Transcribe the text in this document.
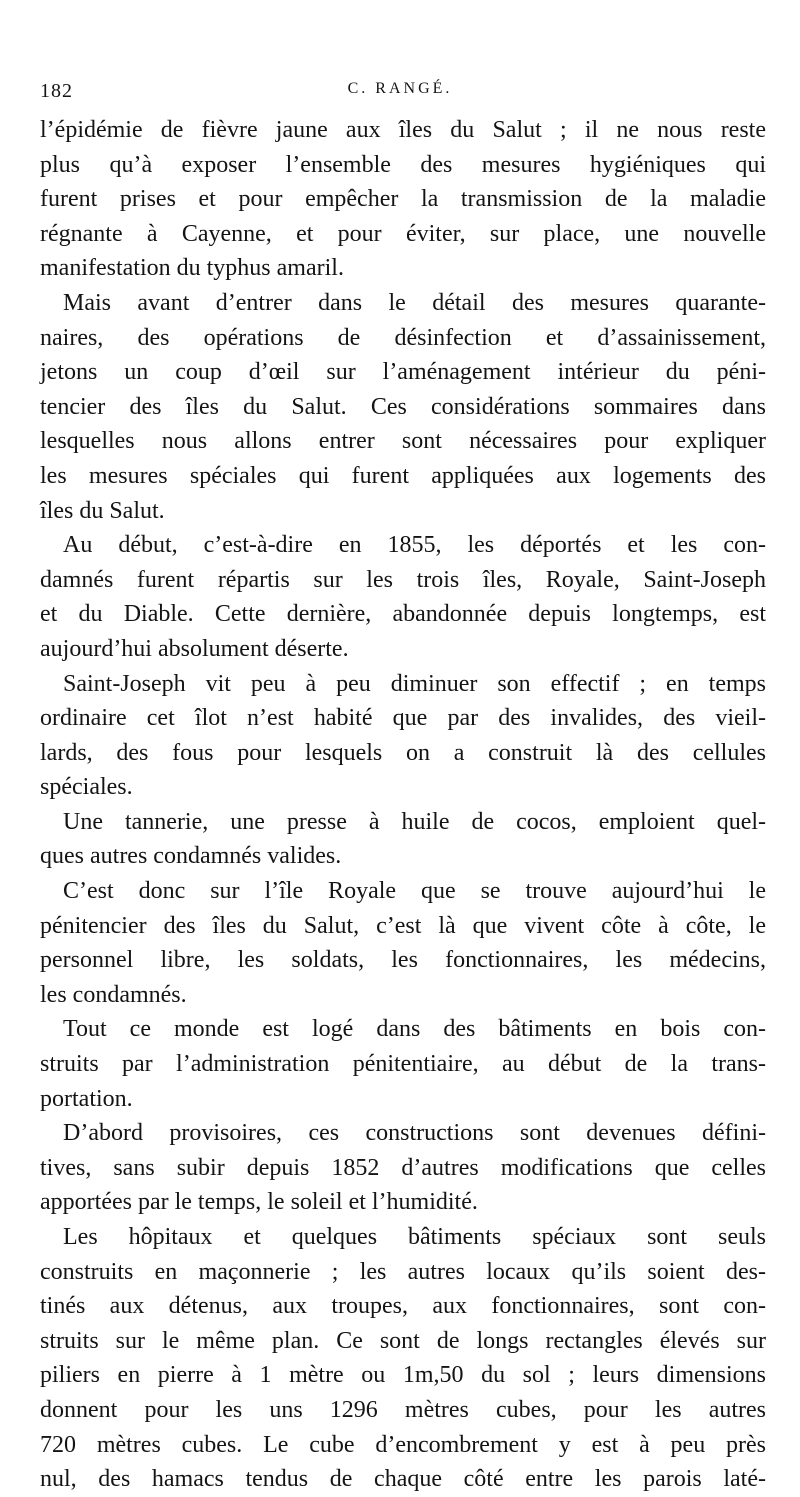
182	C. RANGÉ.
l’épidémie de fièvre jaune aux îles du Salut ; il ne nous reste
plus qu’à exposer l’ensemble des mesures hygiéniques qui
furent prises et pour empêcher la transmission de la maladie
régnante à Cayenne, et pour éviter, sur place, une nouvelle
manifestation du typhus amaril.
Mais avant d’entrer dans le détail des mesures quarante-
naires, des opérations de désinfection et d’assainissement,
jetons un coup d’œil sur l’aménagement intérieur du péni-
tencier des îles du Salut. Ces considérations sommaires dans
lesquelles nous allons entrer sont nécessaires pour expliquer
les mesures spéciales qui furent appliquées aux logements des
îles du Salut.
Au début, c’est-à-dire en 1855, les déportés et les con-
damnés furent répartis sur les trois îles, Royale, Saint-Joseph
et du Diable. Cette dernière, abandonnée depuis longtemps, est
aujourd’hui absolument déserte.
Saint-Joseph vit peu à peu diminuer son effectif ; en temps
ordinaire cet îlot n’est habité que par des invalides, des vieil-
lards, des fous pour lesquels on a construit là des cellules
spéciales.
Une tannerie, une presse à huile de cocos, emploient quel-
ques autres condamnés valides.
C’est donc sur l’île Royale que se trouve aujourd’hui le
pénitencier des îles du Salut, c’est là que vivent côte à côte, le
personnel libre, les soldats, les fonctionnaires, les médecins,
les condamnés.
Tout ce monde est logé dans des bâtiments en bois con-
struits par l’administration pénitentiaire, au début de la trans-
portation.
D’abord provisoires, ces constructions sont devenues défini-
tives, sans subir depuis 1852 d’autres modifications que celles
apportées par le temps, le soleil et l’humidité.
Les hôpitaux et quelques bâtiments spéciaux sont seuls
construits en maçonnerie ; les autres locaux qu’ils soient des-
tinés aux détenus, aux troupes, aux fonctionnaires, sont con-
struits sur le même plan. Ce sont de longs rectangles élevés sur
piliers en pierre à 1 mètre ou 1m,50 du sol ; leurs dimensions
donnent pour les uns 1296 mètres cubes, pour les autres
720 mètres cubes. Le cube d’encombrement y est à peu près
nul, des hamacs tendus de chaque côté entre les parois laté-
